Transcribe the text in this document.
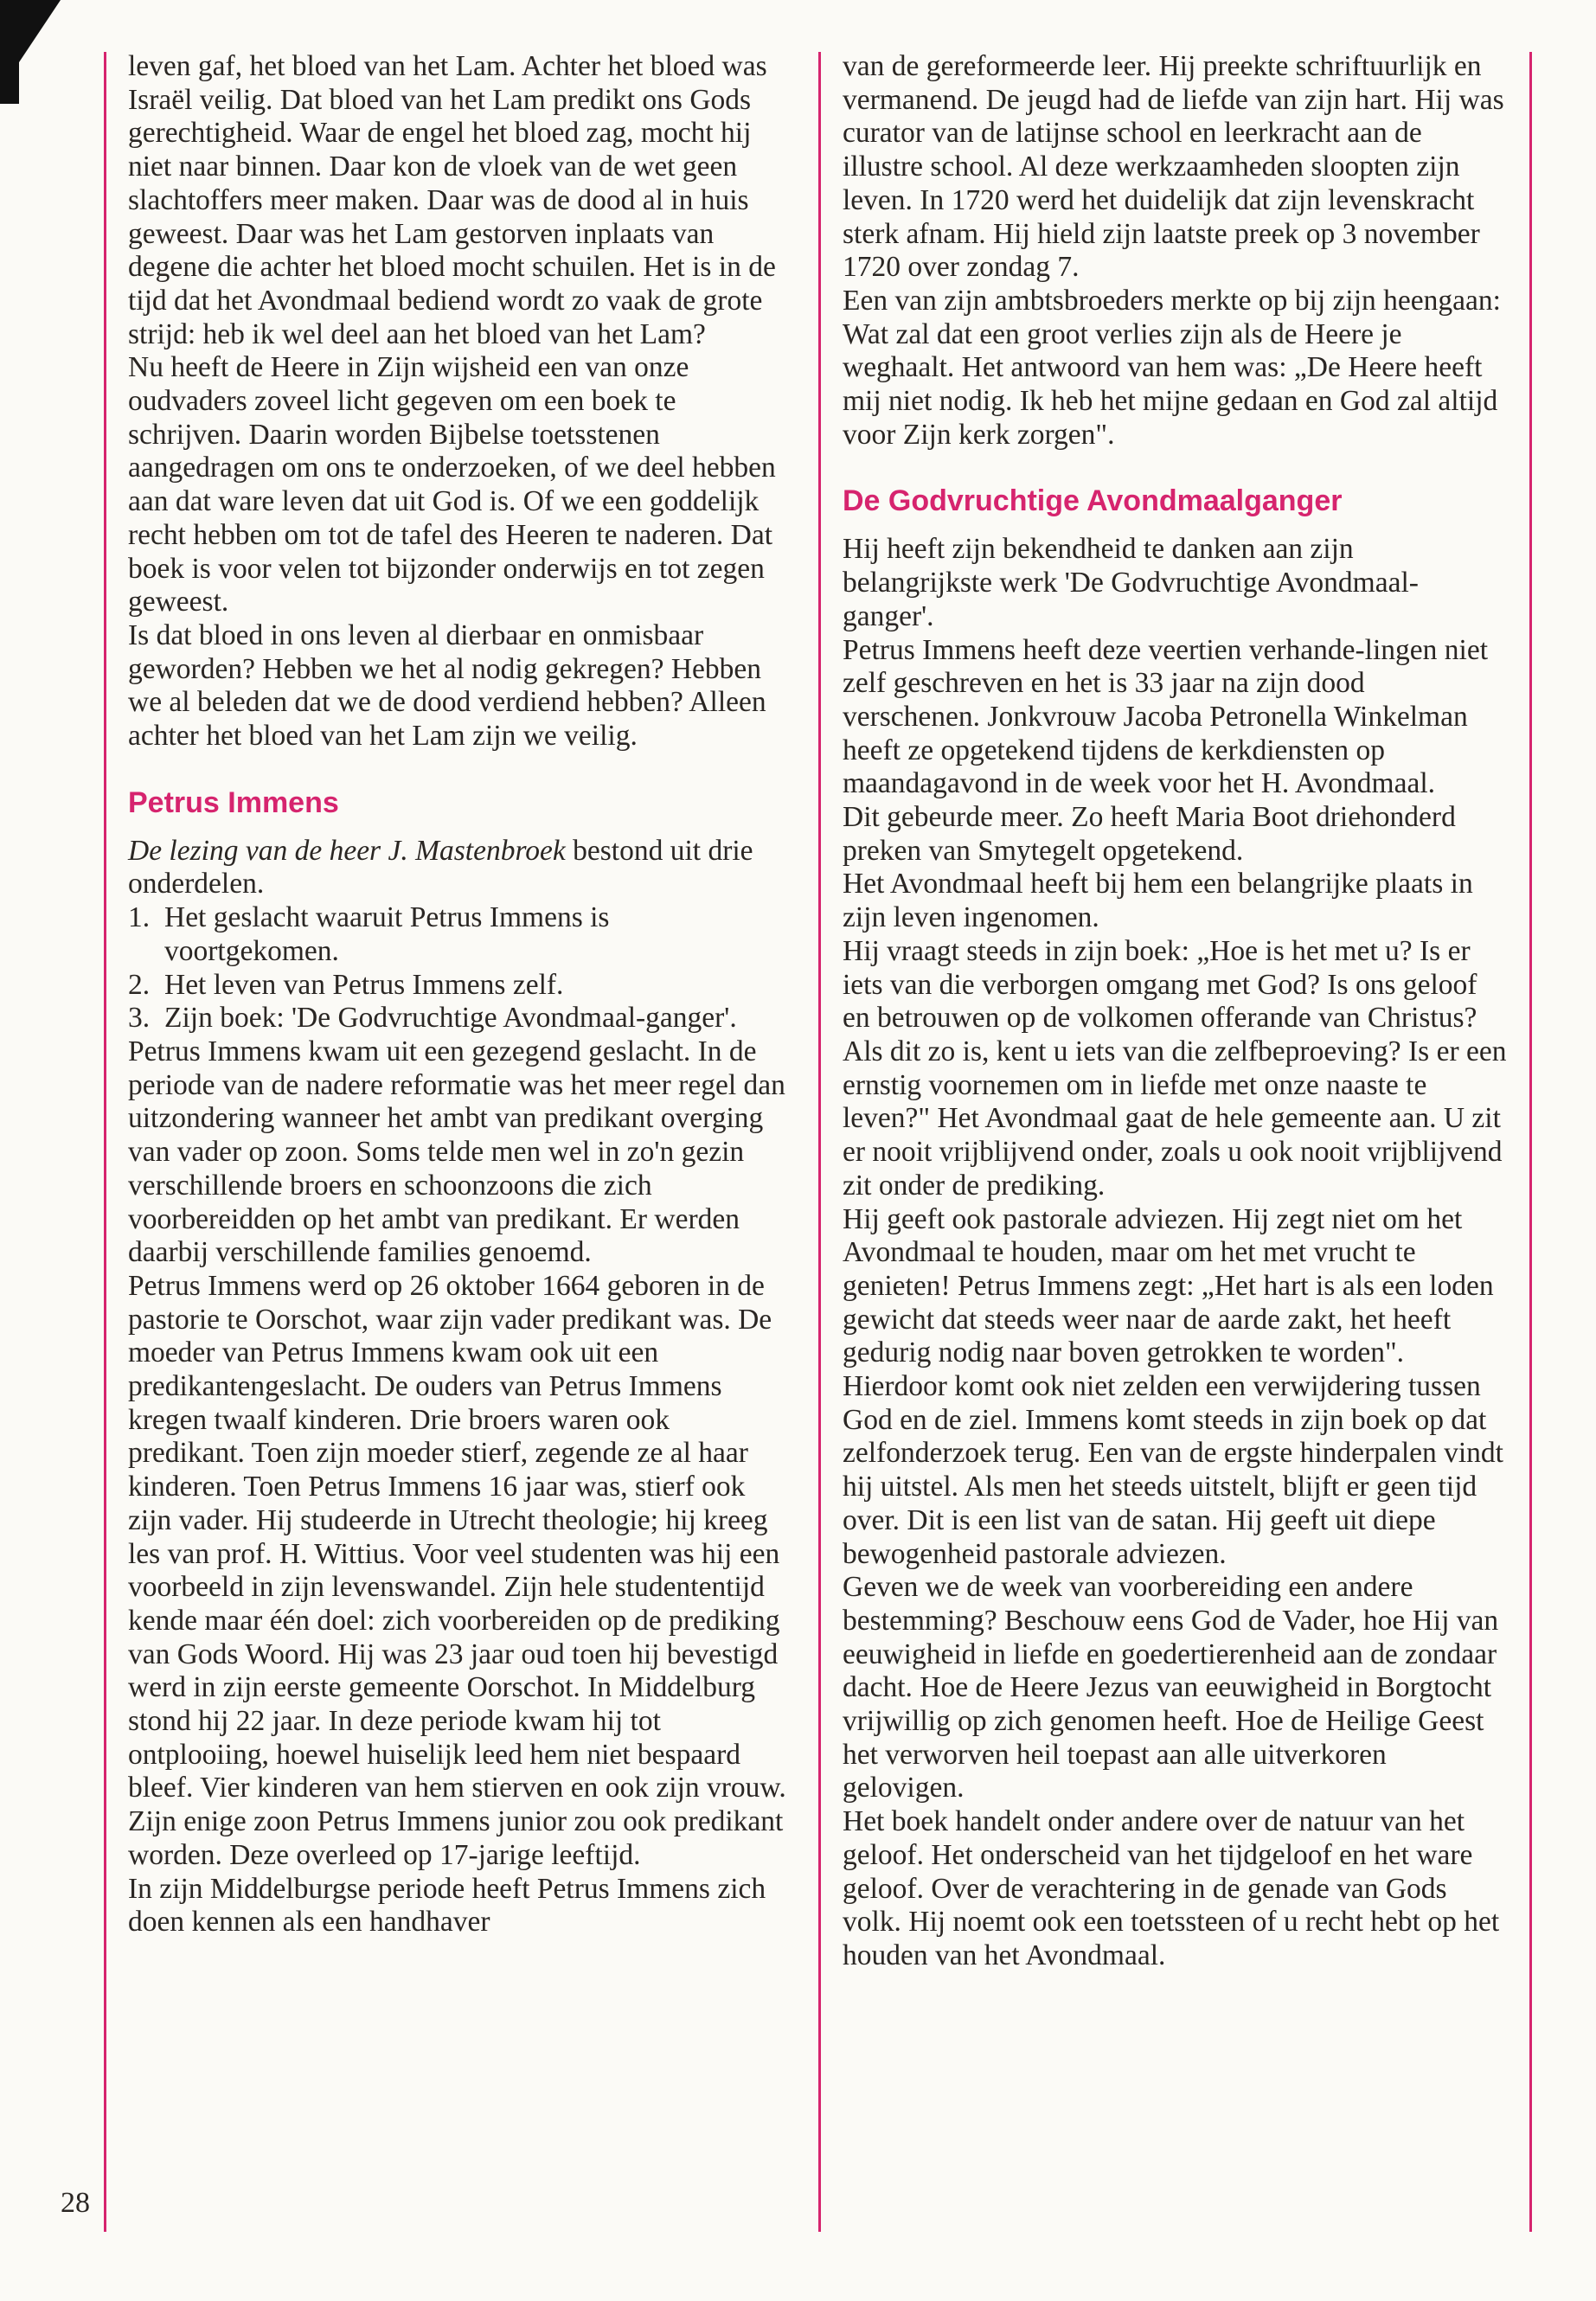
leven gaf, het bloed van het Lam. Achter het bloed was Israël veilig. Dat bloed van het Lam predikt ons Gods gerechtigheid. Waar de engel het bloed zag, mocht hij niet naar binnen. Daar kon de vloek van de wet geen slachtoffers meer maken. Daar was de dood al in huis geweest. Daar was het Lam gestorven inplaats van degene die achter het bloed mocht schuilen. Het is in de tijd dat het Avondmaal bediend wordt zo vaak de grote strijd: heb ik wel deel aan het bloed van het Lam?

Nu heeft de Heere in Zijn wijsheid een van onze oudvaders zoveel licht gegeven om een boek te schrijven. Daarin worden Bijbelse toetsstenen aangedragen om ons te onderzoeken, of we deel hebben aan dat ware leven dat uit God is. Of we een goddelijk recht hebben om tot de tafel des Heeren te naderen. Dat boek is voor velen tot bijzonder onderwijs en tot zegen geweest.

Is dat bloed in ons leven al dierbaar en onmisbaar geworden? Hebben we het al nodig gekregen? Hebben we al beleden dat we de dood verdiend hebben? Alleen achter het bloed van het Lam zijn we veilig.

Petrus Immens

De lezing van de heer J. Mastenbroek bestond uit drie onderdelen.

1. Het geslacht waaruit Petrus Immens is voortgekomen.
2. Het leven van Petrus Immens zelf.
3. Zijn boek: 'De Godvruchtige Avondmaal-ganger'.

Petrus Immens kwam uit een gezegend geslacht. In de periode van de nadere reformatie was het meer regel dan uitzondering wanneer het ambt van predikant overging van vader op zoon. Soms telde men wel in zo'n gezin verschillende broers en schoonzoons die zich voorbereidden op het ambt van predikant. Er werden daarbij verschillende families genoemd.

Petrus Immens werd op 26 oktober 1664 geboren in de pastorie te Oorschot, waar zijn vader predikant was. De moeder van Petrus Immens kwam ook uit een predikantengeslacht. De ouders van Petrus Immens kregen twaalf kinderen. Drie broers waren ook predikant. Toen zijn moeder stierf, zegende ze al haar kinderen. Toen Petrus Immens 16 jaar was, stierf ook zijn vader. Hij studeerde in Utrecht theologie; hij kreeg les van prof. H. Wittius. Voor veel studenten was hij een voorbeeld in zijn levenswandel. Zijn hele studententijd kende maar één doel: zich voorbereiden op de prediking van Gods Woord. Hij was 23 jaar oud toen hij bevestigd werd in zijn eerste gemeente Oorschot. In Middelburg stond hij 22 jaar. In deze periode kwam hij tot ontplooiing, hoewel huiselijk leed hem niet bespaard bleef. Vier kinderen van hem stierven en ook zijn vrouw. Zijn enige zoon Petrus Immens junior zou ook predikant worden. Deze overleed op 17-jarige leeftijd.

In zijn Middelburgse periode heeft Petrus Immens zich doen kennen als een handhaver

van de gereformeerde leer. Hij preekte schriftuurlijk en vermanend. De jeugd had de liefde van zijn hart. Hij was curator van de latijnse school en leerkracht aan de illustre school. Al deze werkzaamheden sloopten zijn leven. In 1720 werd het duidelijk dat zijn levenskracht sterk afnam. Hij hield zijn laatste preek op 3 november 1720 over zondag 7.

Een van zijn ambtsbroeders merkte op bij zijn heengaan: Wat zal dat een groot verlies zijn als de Heere je weghaalt. Het antwoord van hem was: „De Heere heeft mij niet nodig. Ik heb het mijne gedaan en God zal altijd voor Zijn kerk zorgen".

De Godvruchtige Avondmaalganger

Hij heeft zijn bekendheid te danken aan zijn belangrijkste werk 'De Godvruchtige Avondmaal-ganger'.

Petrus Immens heeft deze veertien verhande-lingen niet zelf geschreven en het is 33 jaar na zijn dood verschenen. Jonkvrouw Jacoba Petronella Winkelman heeft ze opgetekend tijdens de kerkdiensten op maandagavond in de week voor het H. Avondmaal.

Dit gebeurde meer. Zo heeft Maria Boot driehonderd preken van Smytegelt opgetekend.

Het Avondmaal heeft bij hem een belangrijke plaats in zijn leven ingenomen.

Hij vraagt steeds in zijn boek: „Hoe is het met u? Is er iets van die verborgen omgang met God? Is ons geloof en betrouwen op de volkomen offerande van Christus? Als dit zo is, kent u iets van die zelfbeproeving? Is er een ernstig voornemen om in liefde met onze naaste te leven?" Het Avondmaal gaat de hele gemeente aan. U zit er nooit vrijblijvend onder, zoals u ook nooit vrijblijvend zit onder de prediking.

Hij geeft ook pastorale adviezen. Hij zegt niet om het Avondmaal te houden, maar om het met vrucht te genieten! Petrus Immens zegt: „Het hart is als een loden gewicht dat steeds weer naar de aarde zakt, het heeft gedurig nodig naar boven getrokken te worden".

Hierdoor komt ook niet zelden een verwijdering tussen God en de ziel. Immens komt steeds in zijn boek op dat zelfonderzoek terug. Een van de ergste hinderpalen vindt hij uitstel. Als men het steeds uitstelt, blijft er geen tijd over. Dit is een list van de satan. Hij geeft uit diepe bewogenheid pastorale adviezen.

Geven we de week van voorbereiding een andere bestemming? Beschouw eens God de Vader, hoe Hij van eeuwigheid in liefde en goedertierenheid aan de zondaar dacht. Hoe de Heere Jezus van eeuwigheid in Borgtocht vrijwillig op zich genomen heeft. Hoe de Heilige Geest het verworven heil toepast aan alle uitverkoren gelovigen.

Het boek handelt onder andere over de natuur van het geloof. Het onderscheid van het tijdgeloof en het ware geloof. Over de verachtering in de genade van Gods volk. Hij noemt ook een toetssteen of u recht hebt op het houden van het Avondmaal.

28
